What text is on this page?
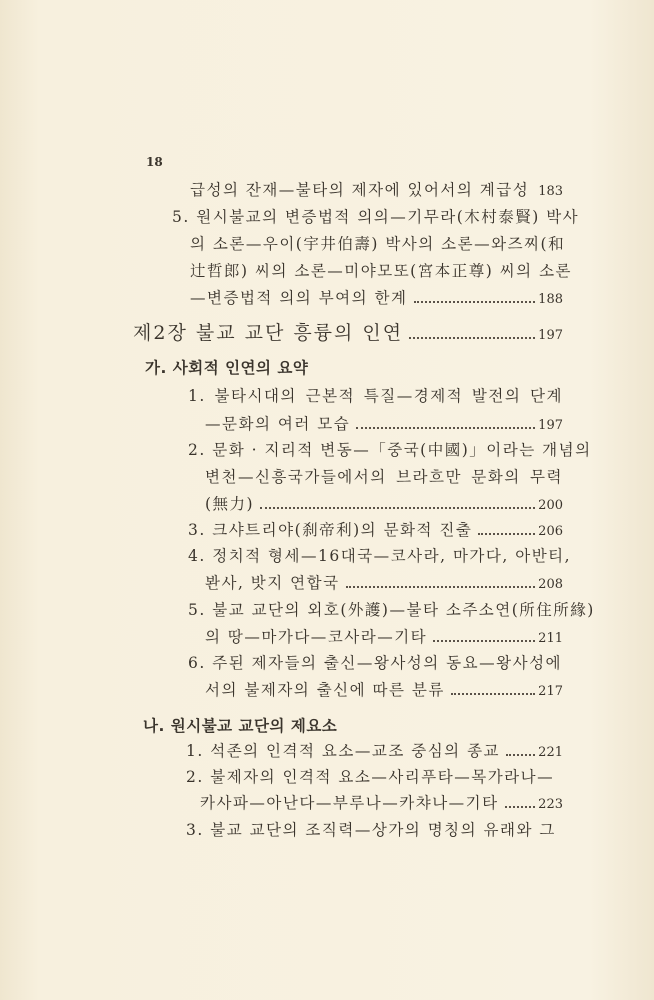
18
급성의 잔재—불타의 제자에 있어서의 계급성 183
5. 원시불교의 변증법적 의의—기무라(木村泰賢) 박사
의 소론—우이(宇井伯壽) 박사의 소론—와즈찌(和
辻哲郎) 씨의 소론—미야모또(宮本正尊) 씨의 소론
—변증법적 의의 부여의 한계	188
제2장 불교 교단 흥륭의 인연	197
가. 사회적 인연의 요약
1. 불타시대의 근본적 특질—경제적 발전의 단계
—문화의 여러 모습	197
2. 문화 · 지리적 변동—「중국(中國)」이라는 개념의
변천—신흥국가들에서의 브라흐만 문화의 무력
(無力)	200
3. 크샤트리야(刹帝利)의 문화적 진출	206
4. 정치적 형세—16대국—코사라, 마가다, 아반티,
봔사, 밧지 연합국	208
5. 불교 교단의 외호(外護)—불타 소주소연(所住所緣)
의 땅—마가다—코사라—기타	211
6. 주된 제자들의 출신—왕사성의 동요—왕사성에
서의 불제자의 출신에 따른 분류	217
나. 원시불교 교단의 제요소
1. 석존의 인격적 요소—교조 중심의 종교	221
2. 불제자의 인격적 요소—사리푸타—목가라나—
카사파—아난다—부루나—카챠나—기타	223
3. 불교 교단의 조직력—상가의 명칭의 유래와 그
